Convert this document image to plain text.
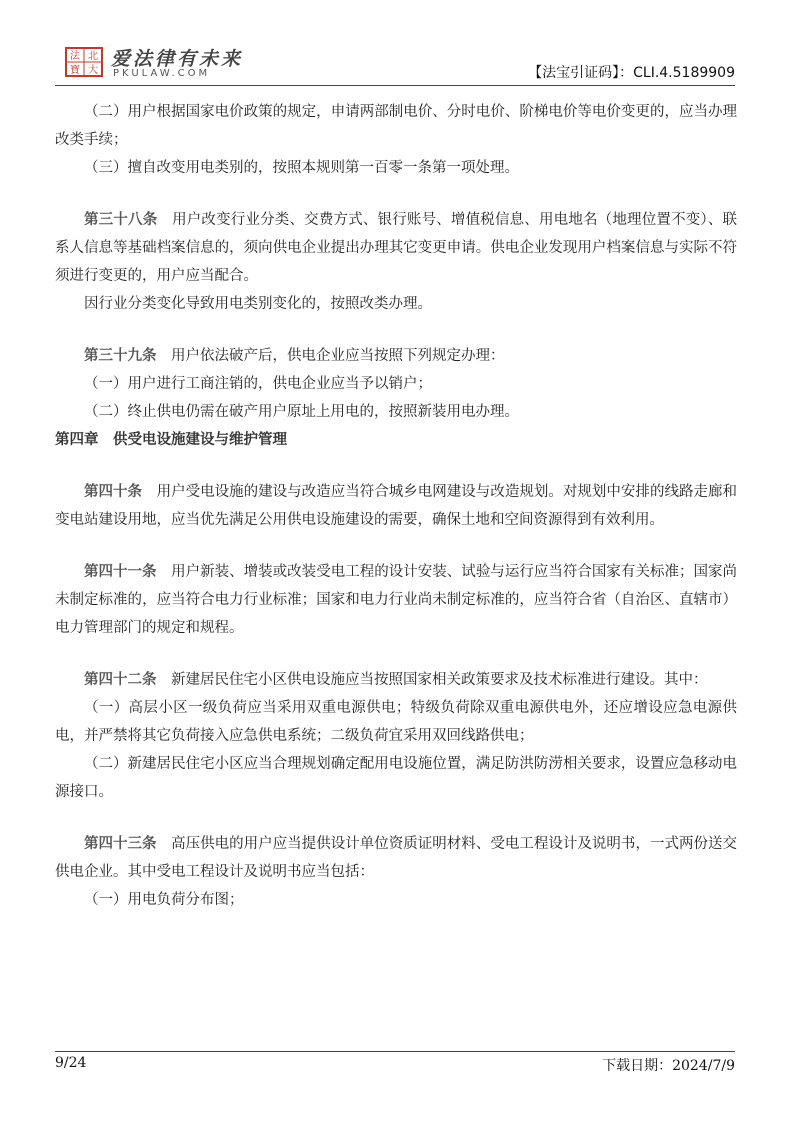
法 北
寶 大
爱法律有未来
PKULAW.COM	【法宝引证码】：CLI.4.5189909

（二）用户根据国家电价政策的规定，申请两部制电价、分时电价、阶梯电价等电价变更的，应当办理改类手续；

（三）擅自改变用电类别的，按照本规则第一百零一条第一项处理。

第三十八条　 用户改变行业分类、交费方式、银行账号、增值税信息、用电地名（地理位置不变）、联系人信息等基础档案信息的，须向供电企业提出办理其它变更申请。供电企业发现用户档案信息与实际不符须进行变更的，用户应当配合。

因行业分类变化导致用电类别变化的，按照改类办理。

第三十九条　 用户依法破产后，供电企业应当按照下列规定办理：

（一）用户进行工商注销的，供电企业应当予以销户；

（二）终止供电仍需在破产用户原址上用电的，按照新装用电办理。

第四章　供受电设施建设与维护管理

第四十条　 用户受电设施的建设与改造应当符合城乡电网建设与改造规划。对规划中安排的线路走廊和变电站建设用地，应当优先满足公用供电设施建设的需要，确保土地和空间资源得到有效利用。

第四十一条　 用户新装、增装或改装受电工程的设计安装、试验与运行应当符合国家有关标准；国家尚未制定标准的，应当符合电力行业标准；国家和电力行业尚未制定标准的，应当符合省（自治区、直辖市）电力管理部门的规定和规程。

第四十二条　 新建居民住宅小区供电设施应当按照国家相关政策要求及技术标准进行建设。其中：

（一）高层小区一级负荷应当采用双重电源供电；特级负荷除双重电源供电外，还应增设应急电源供电，并严禁将其它负荷接入应急供电系统；二级负荷宜采用双回线路供电；

（二）新建居民住宅小区应当合理规划确定配用电设施位置，满足防洪防涝相关要求，设置应急移动电源接口。

第四十三条　 高压供电的用户应当提供设计单位资质证明材料、受电工程设计及说明书，一式两份送交供电企业。其中受电工程设计及说明书应当包括：

（一）用电负荷分布图；

9/24	下载日期：2024/7/9
